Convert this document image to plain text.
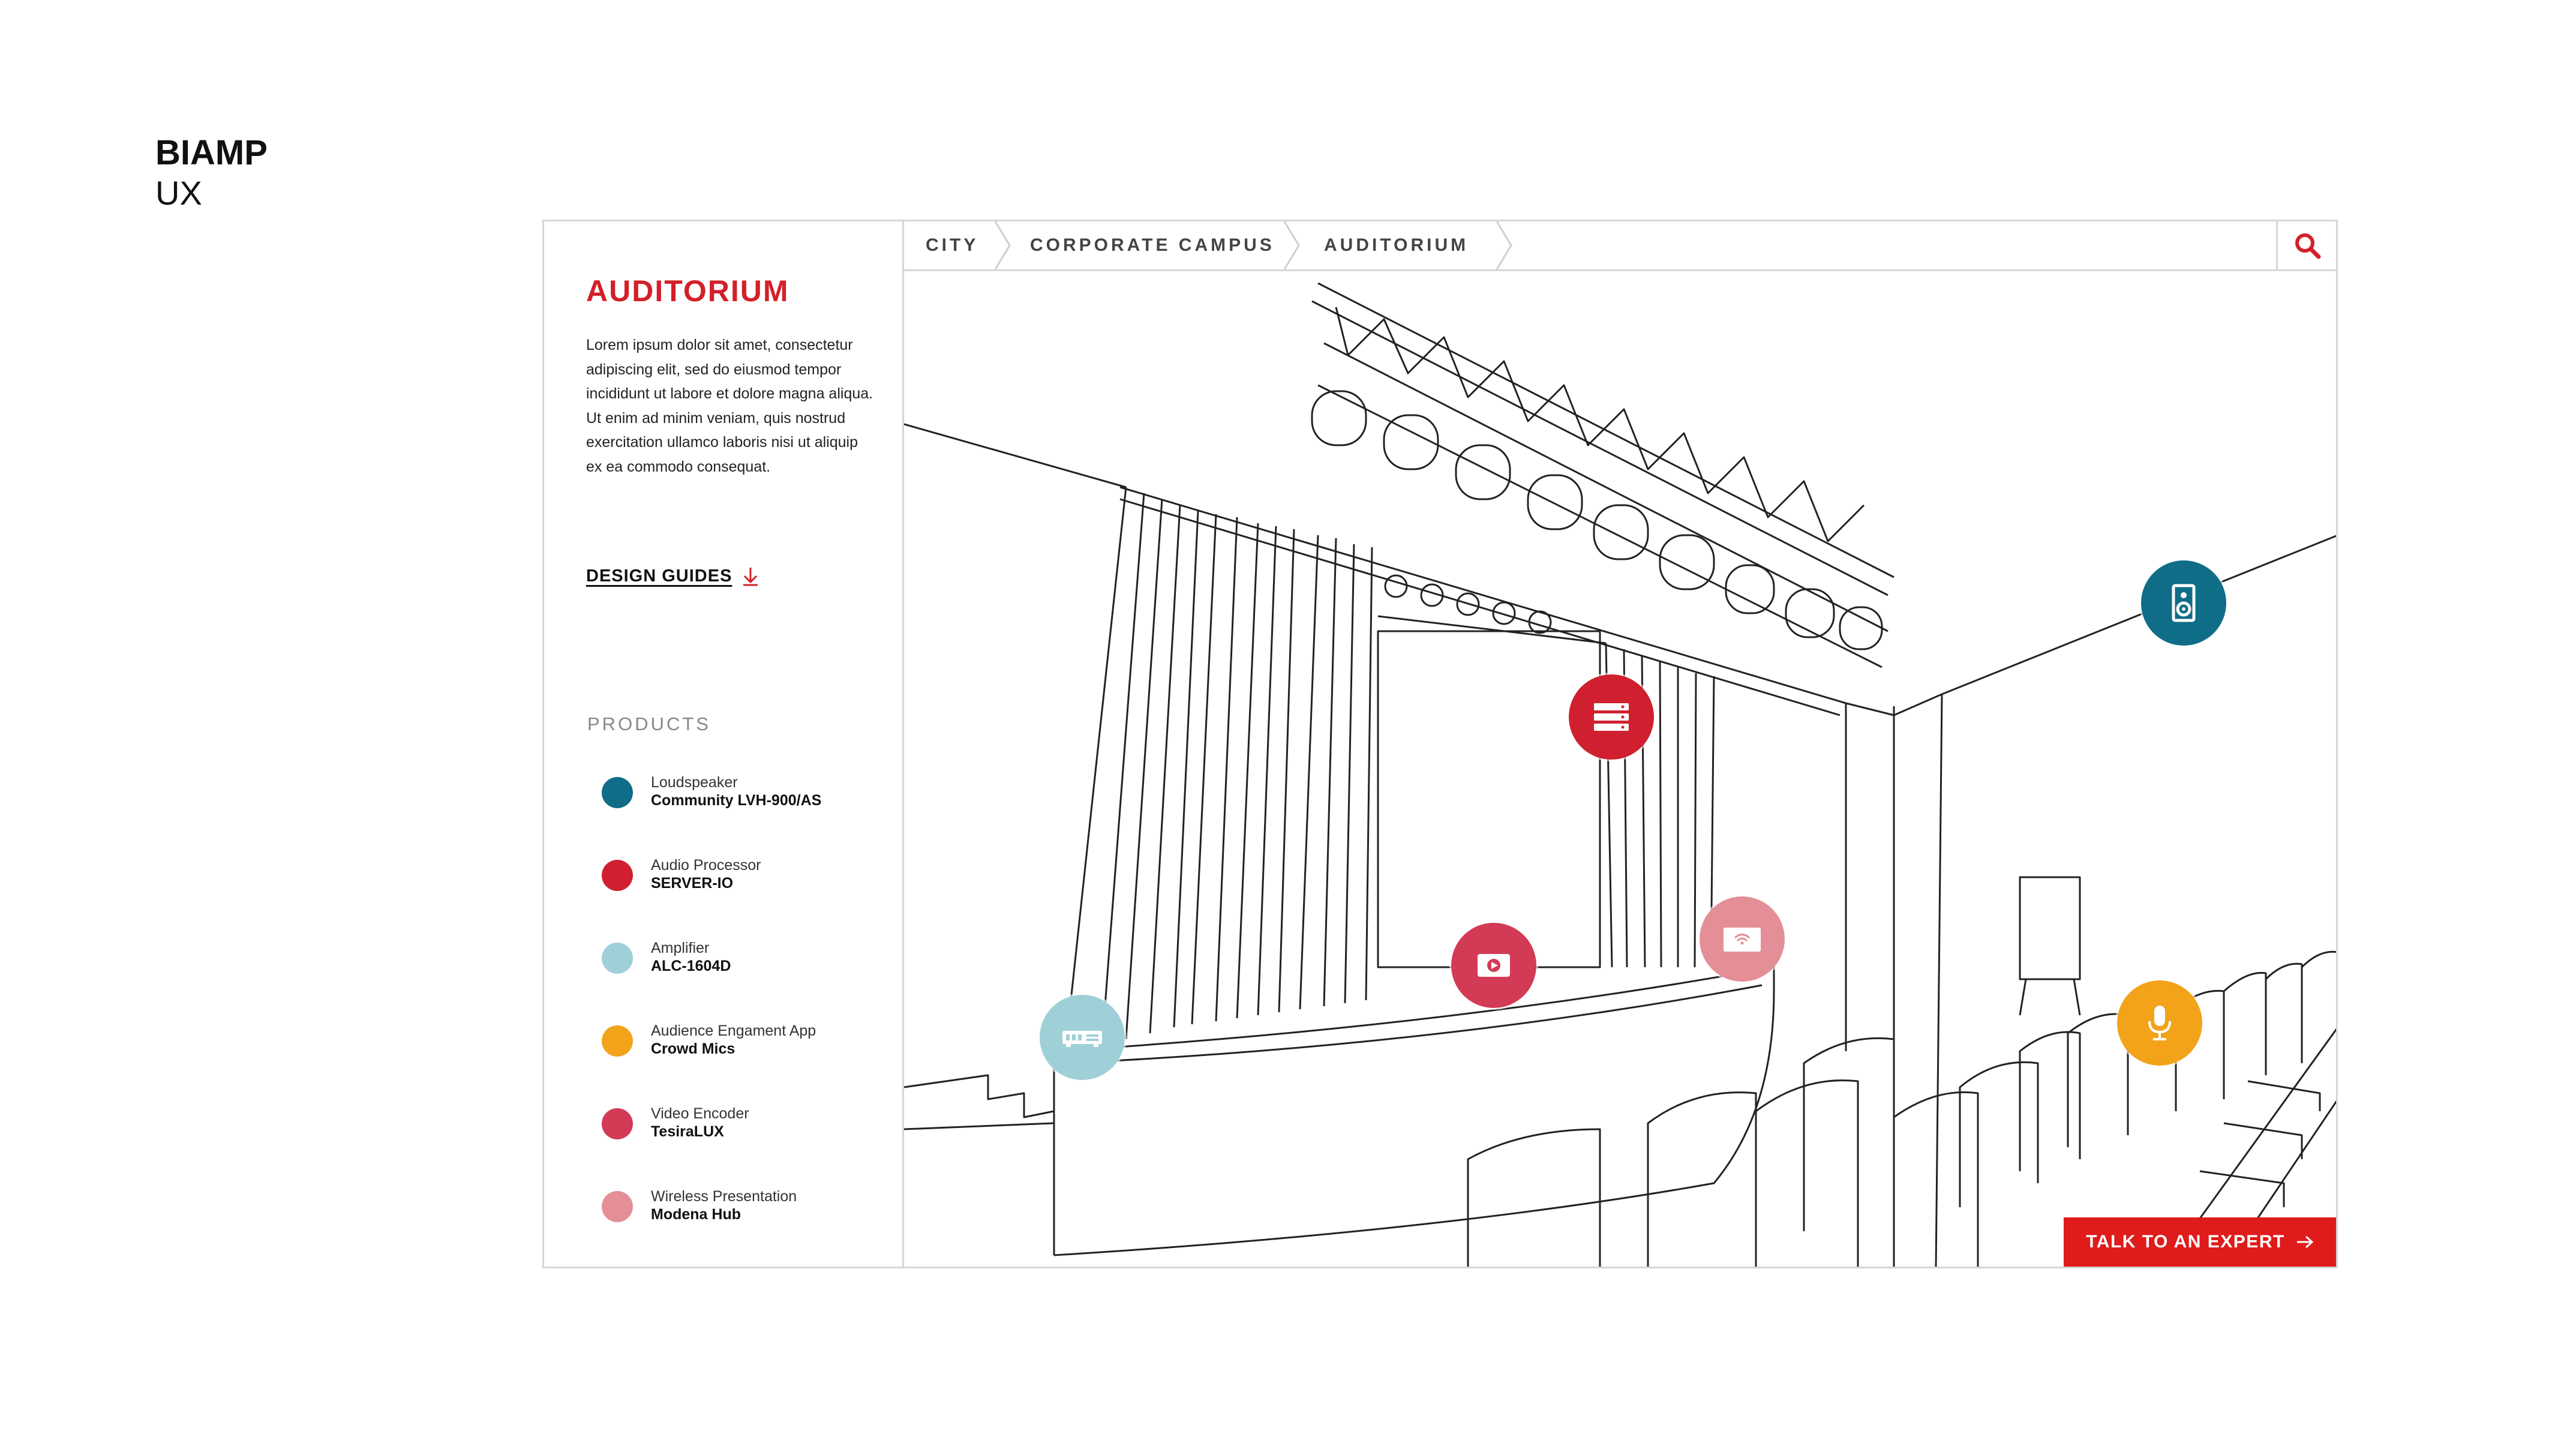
BIAMP
UX
AUDITORIUM

Lorem ipsum dolor sit amet, consectetur adipiscing elit, sed do eiusmod tempor incididunt ut labore et dolore magna aliqua. Ut enim ad minim veniam, quis nostrud exercitation ullamco laboris nisi ut aliquip ex ea commodo consequat.

DESIGN GUIDES
PRODUCTS
Loudspeaker
Community LVH-900/AS
Audio Processor
SERVER-IO
Amplifier
ALC-1604D
Audience Engament App
Crowd Mics
Video Encoder
TesiraLUX
Wireless Presentation
Modena Hub
CITY	CORPORATE CAMPUS	AUDITORIUM
TALK TO AN EXPERT
